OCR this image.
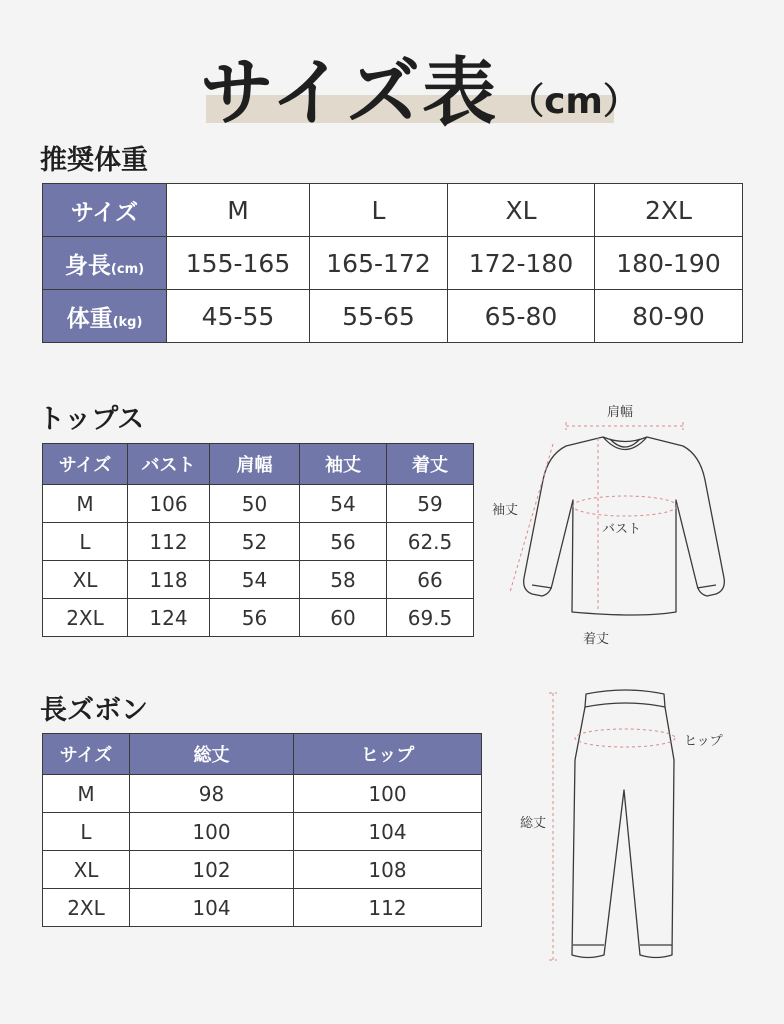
サイズ表 （cm）
推奨体重
サイズ	M	L	XL	2XL
身長(cm)	155-165	165-172	172-180	180-190
体重(kg)	45-55	55-65	65-80	80-90
トップス
サイズ	バスト	肩幅	袖丈	着丈
M	106	50	54	59
L	112	52	56	62.5
XL	118	54	58	66
2XL	124	56	60	69.5
肩幅
袖丈
バスト
着丈
長ズボン
サイズ	総丈	ヒップ
M	98	100
L	100	104
XL	102	108
2XL	104	112
ヒップ
総丈
